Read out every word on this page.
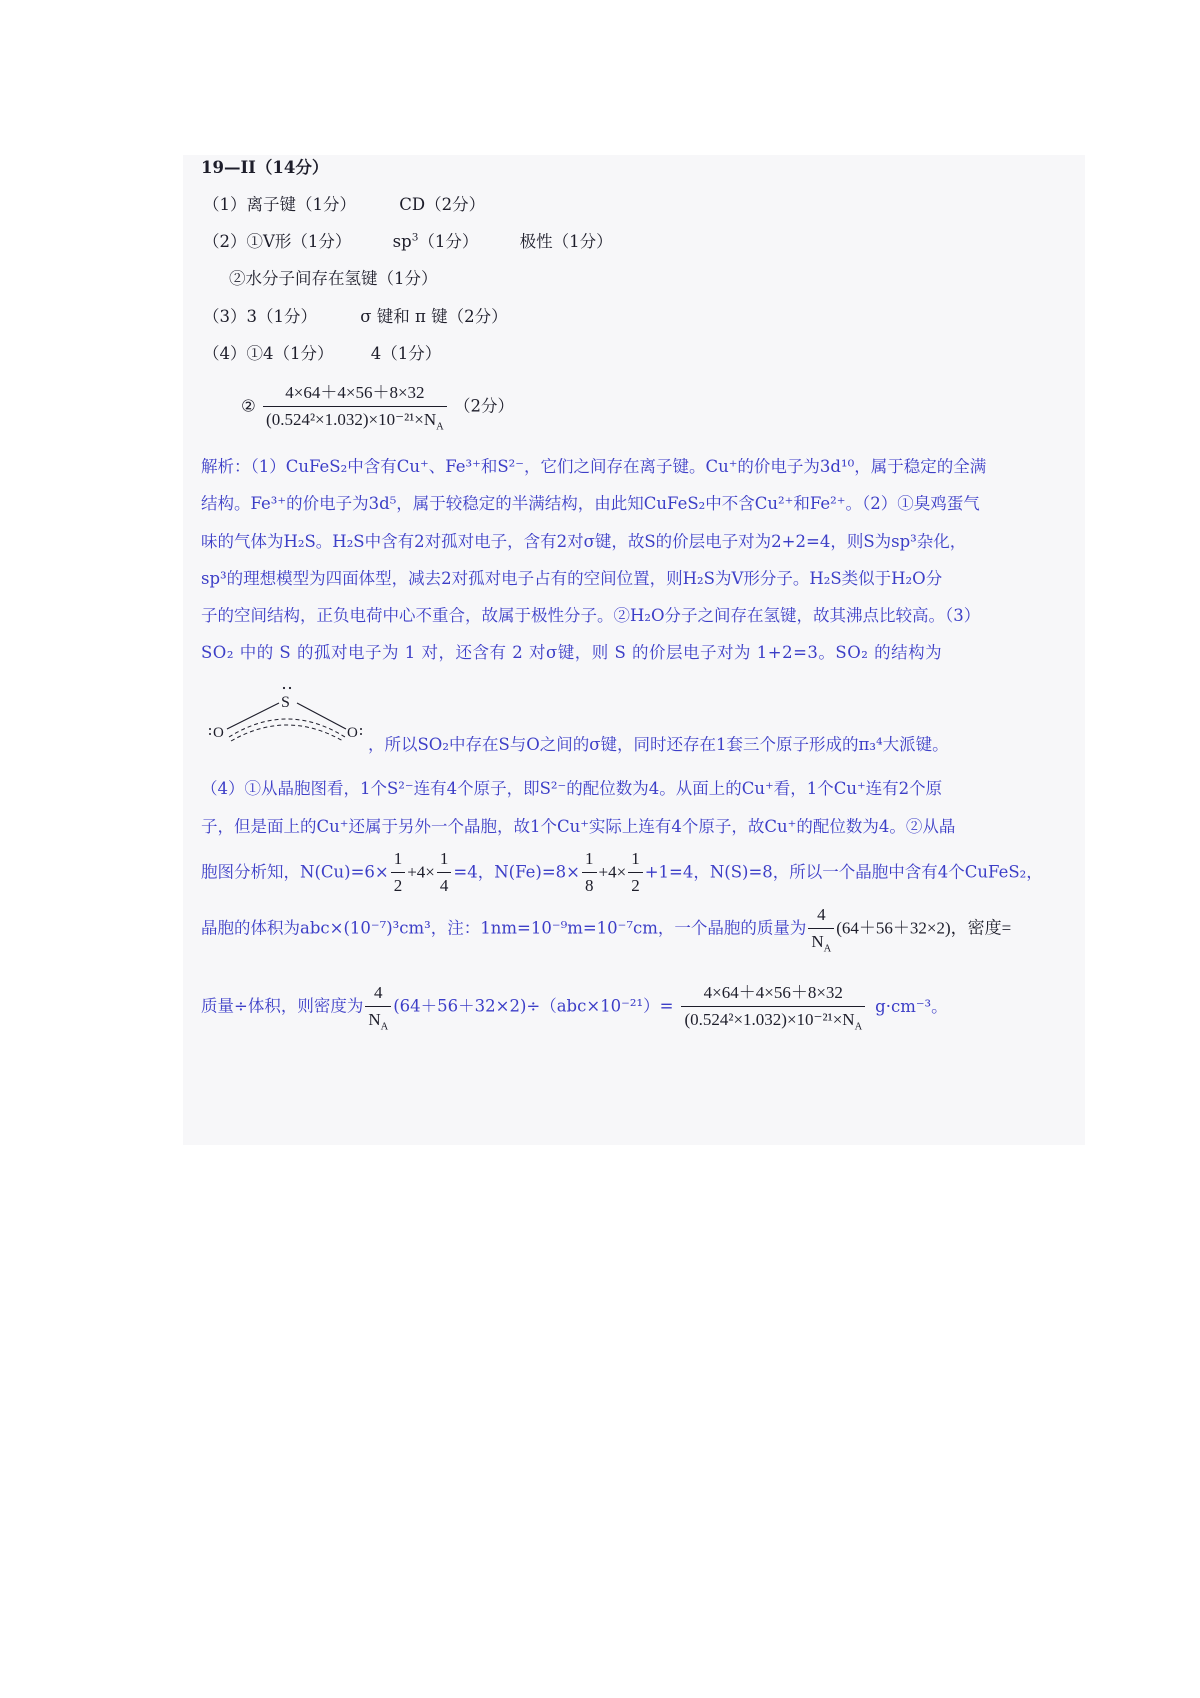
19—II（14分）
（1）离子键（1分）	CD（2分）
（2）①V形（1分）	$sp^3(1$分）	极性（1分）
②水分子间存在氢键（1分）
（3）3（1分）	σ 键和 π 键（2分）
（4）①4（1分） 4（1分）
② $\frac{4\times 64+4\times 56+8\times 32}{(0.524^2\times 1.032)\times 10^{-21}\times N_A} (2$分）
解析：（1）CuFeS₂中含有Cu⁺、Fe³⁺和S²⁻，它们之间存在离子键。Cu⁺的价电子为3d¹⁰，属于稳定的全满
结构。Fe³⁺的价电子为3d⁵，属于较稳定的半满结构，由此知CuFeS₂中不含Cu²⁺和Fe²⁺。（2）①臭鸡蛋气
味的气体为H₂S。H₂S中含有2对孤对电子，含有2对σ键，故S的价层电子对为2+2=4，则S为sp³杂化，
sp³的理想模型为四面体型，减去2对孤对电子占有的空间位置，则H₂S为V形分子。H₂S类似于H₂O分
子的空间结构，正负电荷中心不重合，故属于极性分子。②H₂O分子之间存在氢键，故其沸点比较高。（3）
SO₂ 中的 S 的孤对电子为 1 对，还含有 2 对σ键，则 S 的价层电子对为 1+2=3。SO₂ 的结构为
S
O	O
，所以SO₂中存在S与O之间的σ键，同时还存在1套三个原子形成的π₃⁴大派键。
（4）①从晶胞图看，1个S²⁻连有4个原子，即S²⁻的配位数为4。从面上的Cu⁺看，1个Cu⁺连有2个原
子，但是面上的Cu⁺还属于另外一个晶胞，故1个Cu⁺实际上连有4个原子，故Cu⁺的配位数为4。②从晶
胞图分析知，$N(Cu)=6\times \frac{1}{2} +4\times \frac{1}{4} =4$，$N(Fe)=8\times \frac{1}{8} +4\times \frac{1}{2} +1=4$，N(S)=8，所以一个晶胞中含有4个CuFeS₂，
晶胞的体积为abc×(10⁻⁷)³cm³，注：1nm=10⁻⁹m=10⁻⁷cm，一个晶胞的质量为 $\frac{4}{N_A} (64+56+32\times 2)$，密度=
质量÷体积，则密度为 $\frac{4}{N_A} (64+56+32\times 2)\div(abc\times 10^{-21})= \frac{4\times 64+4\times 56+8\times 32}{(0.524^2\times 1.032)\times 10^{-21}\times N_A} g\cdot cm^{-3}$。
